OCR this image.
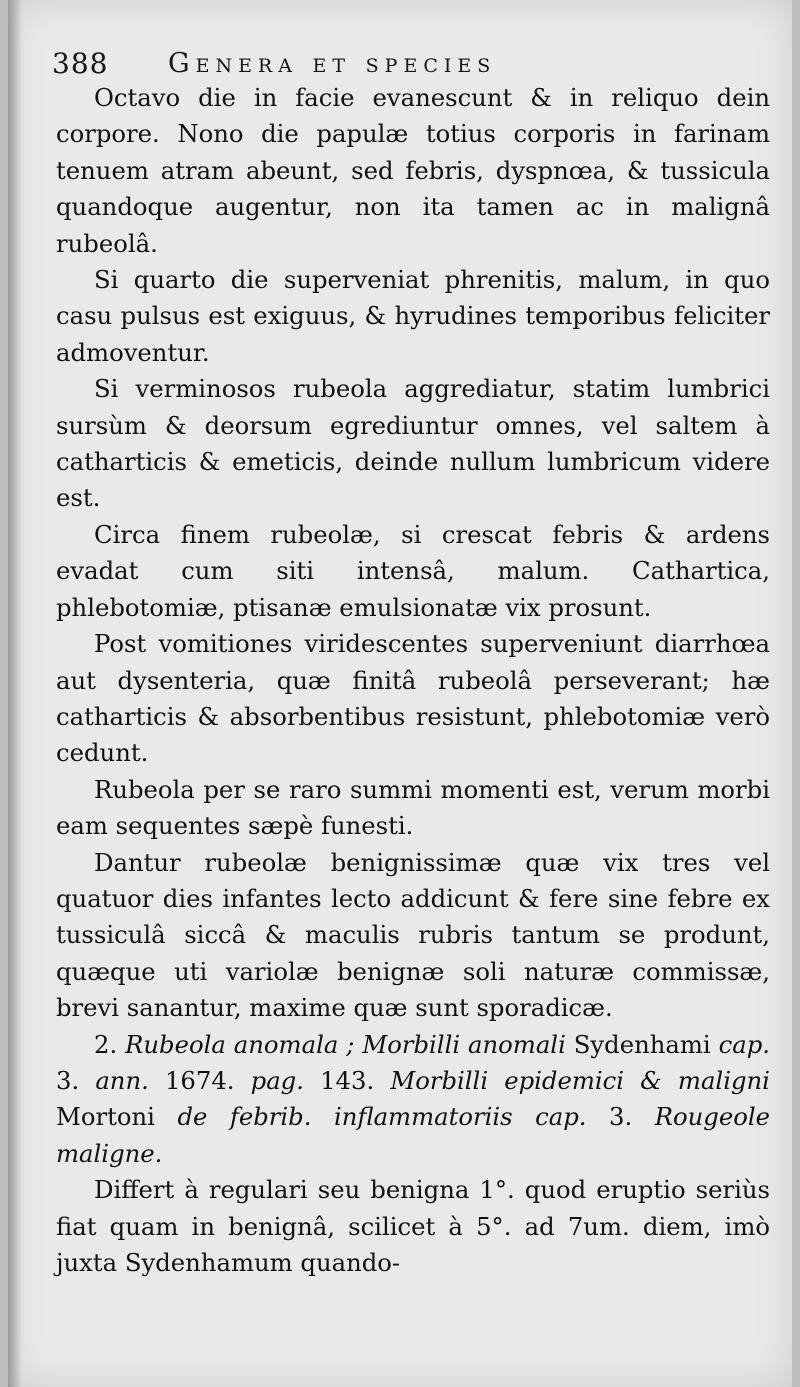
388 Genera et species

Octavo die in facie evanescunt & in reliquo dein corpore. Nono die papulæ totius corporis in farinam tenuem atram abeunt, sed febris, dyspnœa, & tussicula quandoque augentur, non ita tamen ac in malignâ rubeolâ.

Si quarto die superveniat phrenitis, malum, in quo casu pulsus est exiguus, & hyrudines temporibus feliciter admoventur.

Si verminosos rubeola aggrediatur, statim lumbrici sursùm & deorsum egrediuntur omnes, vel saltem à catharticis & emeticis, deinde nullum lumbricum videre est.

Circa finem rubeolæ, si crescat febris & ardens evadat cum siti intensâ, malum. Cathartica, phlebotomiæ, ptisanæ emulsionatæ vix prosunt.

Post vomitiones viridescentes superveniunt diarrhœa aut dysenteria, quæ finitâ rubeolâ perseverant; hæ catharticis & absorbentibus resistunt, phlebotomiæ verò cedunt.

Rubeola per se raro summi momenti est, verum morbi eam sequentes sæpè funesti.

Dantur rubeolæ benignissimæ quæ vix tres vel quatuor dies infantes lecto addicunt & fere sine febre ex tussiculâ siccâ & maculis rubris tantum se produnt, quæque uti variolæ benignæ soli naturæ commissæ, brevi sanantur, maxime quæ sunt sporadicæ.

2. Rubeola anomala ; Morbilli anomali Sydenhami cap. 3. ann. 1674. pag. 143. Morbilli epidemici & maligni Mortoni de febrib. inflammatoriis cap. 3. Rougeole maligne.

Differt à regulari seu benigna 1°. quod eruptio seriùs fiat quam in benignâ, scilicet à 5°. ad 7um. diem, imò juxta Sydenhamum quando-
